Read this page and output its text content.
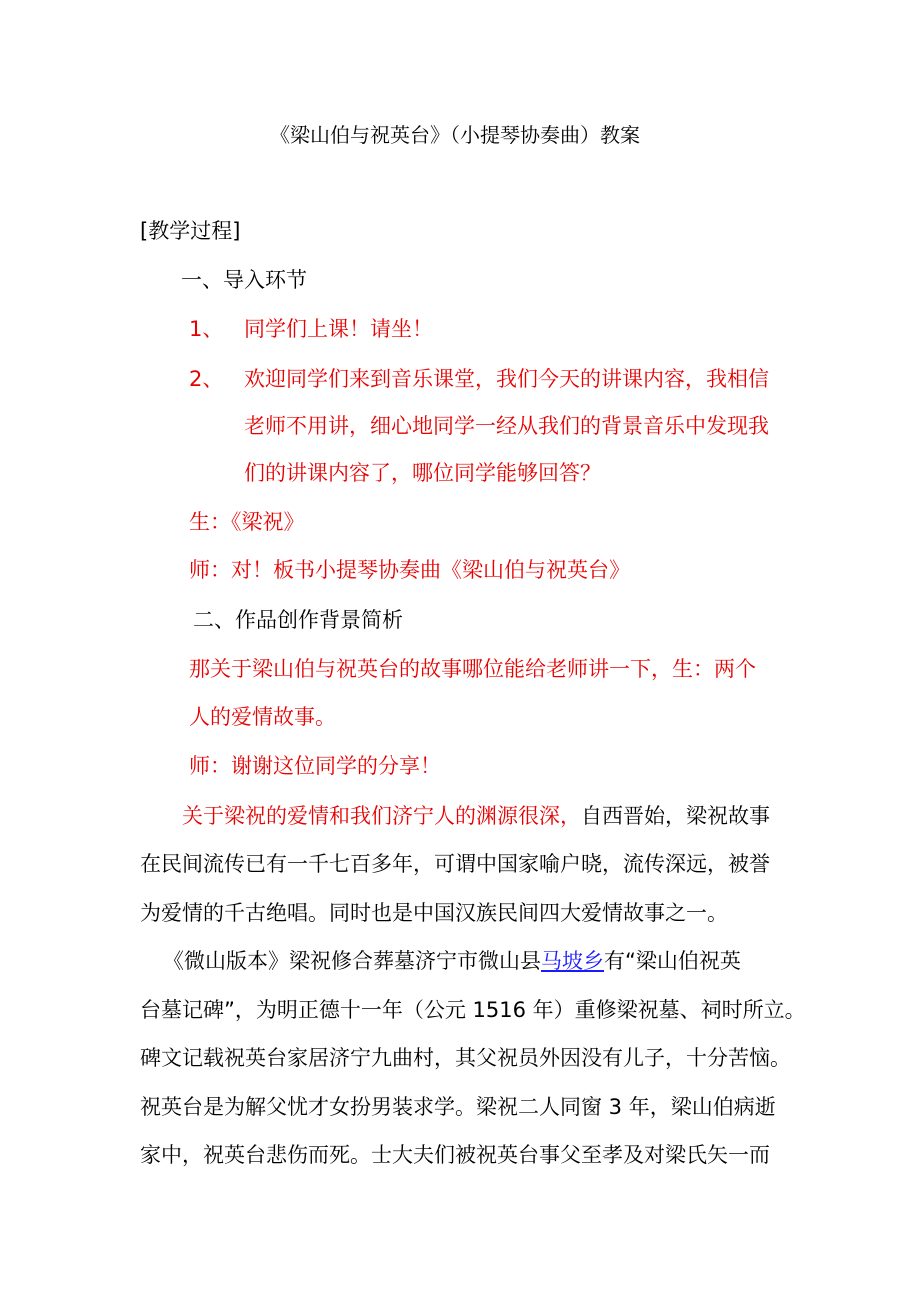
《梁山伯与祝英台》（小提琴协奏曲）教案
[教学过程]
一、导入环节
1、 同学们上课！请坐！
2、 欢迎同学们来到音乐课堂，我们今天的讲课内容，我相信
老师不用讲，细心地同学一经从我们的背景音乐中发现我
们的讲课内容了，哪位同学能够回答？
生：《梁祝》
师：对！板书小提琴协奏曲《梁山伯与祝英台》
二、作品创作背景简析
那关于梁山伯与祝英台的故事哪位能给老师讲一下，生：两个
人的爱情故事。
师：谢谢这位同学的分享！
关于梁祝的爱情和我们济宁人的渊源很深，自西晋始，梁祝故事
在民间流传已有一千七百多年，可谓中国家喻户晓，流传深远，被誉
为爱情的千古绝唱。同时也是中国汉族民间四大爱情故事之一。
《微山版本》梁祝修合葬墓济宁市微山县马坡乡有“梁山伯祝英
台墓记碑”，为明正德十一年（公元 1516 年）重修梁祝墓、祠时所立。
碑文记载祝英台家居济宁九曲村，其父祝员外因没有儿子，十分苦恼。
祝英台是为解父忧才女扮男装求学。梁祝二人同窗 3 年，梁山伯病逝
家中，祝英台悲伤而死。士大夫们被祝英台事父至孝及对梁氏矢一而
